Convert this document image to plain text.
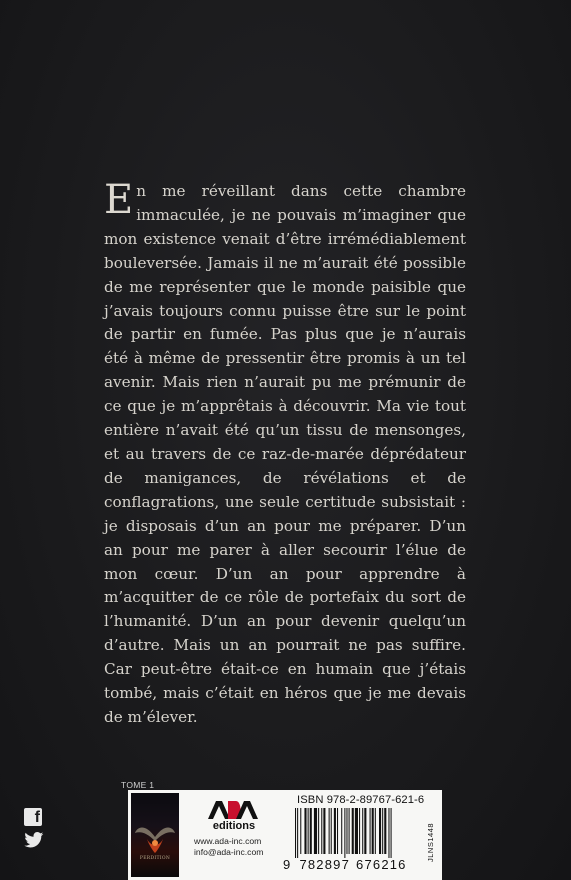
En me réveillant dans cette chambre immaculée, je ne pouvais m’imaginer que mon existence venait d’être irrémédiablement bouleversée. Jamais il ne m’aurait été possible de me représenter que le monde paisible que j’avais toujours connu puisse être sur le point de partir en fumée. Pas plus que je n’aurais été à même de pressentir être promis à un tel avenir. Mais rien n’aurait pu me prémunir de ce que je m’apprêtais à découvrir. Ma vie tout entière n’avait été qu’un tissu de mensonges, et au travers de ce raz-de-marée déprédateur de manigances, de révélations et de conflagrations, une seule certitude subsistait : je disposais d’un an pour me préparer. D’un an pour me parer à aller secourir l’élue de mon cœur. D’un an pour apprendre à m’acquitter de ce rôle de portefaix du sort de l’humanité. D’un an pour devenir quelqu’un d’autre. Mais un an pourrait ne pas suffire. Car peut-être était-ce en humain que j’étais tombé, mais c’était en héros que je me devais de m’élever.

f
TOME 1
PERDITION
editions
www.ada-inc.com
info@ada-inc.com
ISBN 978-2-89767-621-6
9 782897 676216
JLNS1448
